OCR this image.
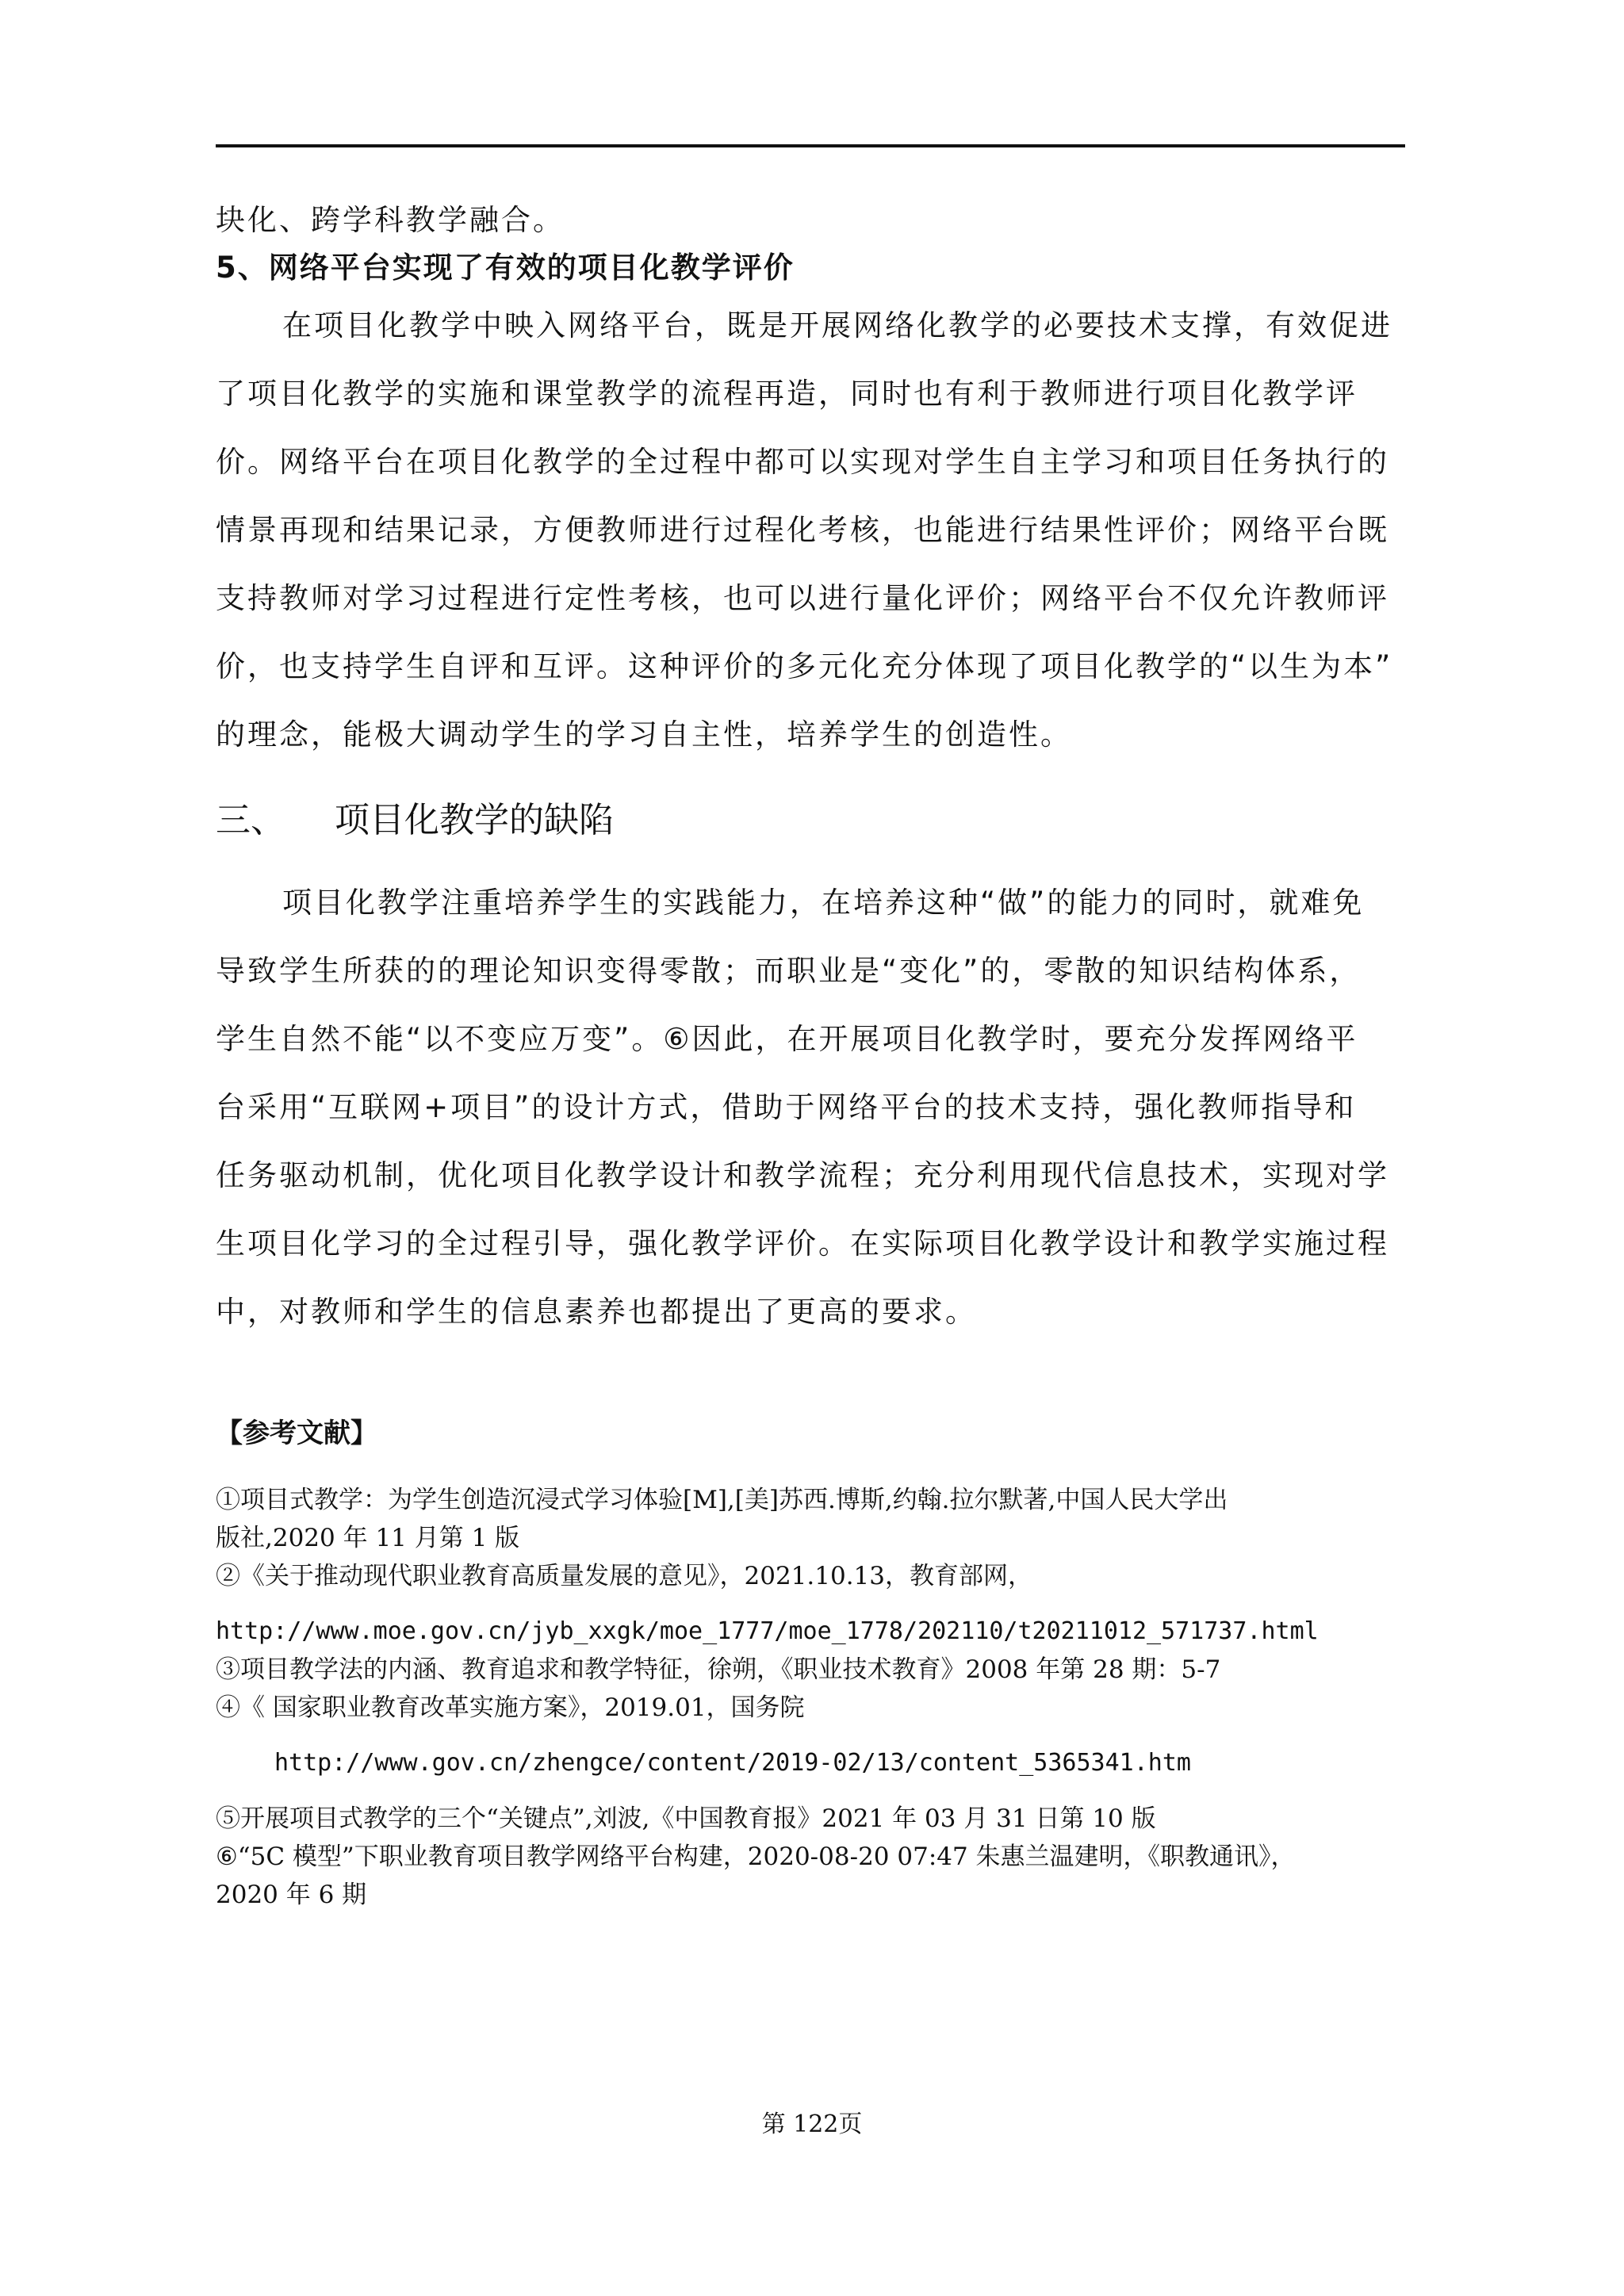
块化、跨学科教学融合。
5、网络平台实现了有效的项目化教学评价
在项目化教学中映入网络平台，既是开展网络化教学的必要技术支撑，有效促进
了项目化教学的实施和课堂教学的流程再造，同时也有利于教师进行项目化教学评
价。网络平台在项目化教学的全过程中都可以实现对学生自主学习和项目任务执行的
情景再现和结果记录，方便教师进行过程化考核，也能进行结果性评价；网络平台既
支持教师对学习过程进行定性考核，也可以进行量化评价；网络平台不仅允许教师评
价，也支持学生自评和互评。这种评价的多元化充分体现了项目化教学的“以生为本”
的理念，能极大调动学生的学习自主性，培养学生的创造性。
三、 项目化教学的缺陷
项目化教学注重培养学生的实践能力，在培养这种“做”的能力的同时，就难免
导致学生所获的的理论知识变得零散；而职业是“变化”的，零散的知识结构体系，
学生自然不能“以不变应万变”。⑥因此，在开展项目化教学时，要充分发挥网络平
台采用“互联网+项目”的设计方式，借助于网络平台的技术支持，强化教师指导和
任务驱动机制，优化项目化教学设计和教学流程；充分利用现代信息技术，实现对学
生项目化学习的全过程引导，强化教学评价。在实际项目化教学设计和教学实施过程
中，对教师和学生的信息素养也都提出了更高的要求。
【参考文献】
①项目式教学：为学生创造沉浸式学习体验[M],[美]苏西.博斯,约翰.拉尔默著,中国人民大学出
版社,2020 年 11 月第 1 版
②《关于推动现代职业教育高质量发展的意见》，2021.10.13，教育部网，
http://www.moe.gov.cn/jyb_xxgk/moe_1777/moe_1778/202110/t20211012_571737.html
③项目教学法的内涵、教育追求和教学特征，徐朔，《职业技术教育》2008 年第 28 期：5-7
④《 国家职业教育改革实施方案》，2019.01，国务院
http://www.gov.cn/zhengce/content/2019-02/13/content_5365341.htm
⑤开展项目式教学的三个“关键点”,刘波,《中国教育报》2021 年 03 月 31 日第 10 版
⑥“5C 模型”下职业教育项目教学网络平台构建，2020-08-20 07:47 朱惠兰温建明，《职教通讯》，
2020 年 6 期
第 122页
